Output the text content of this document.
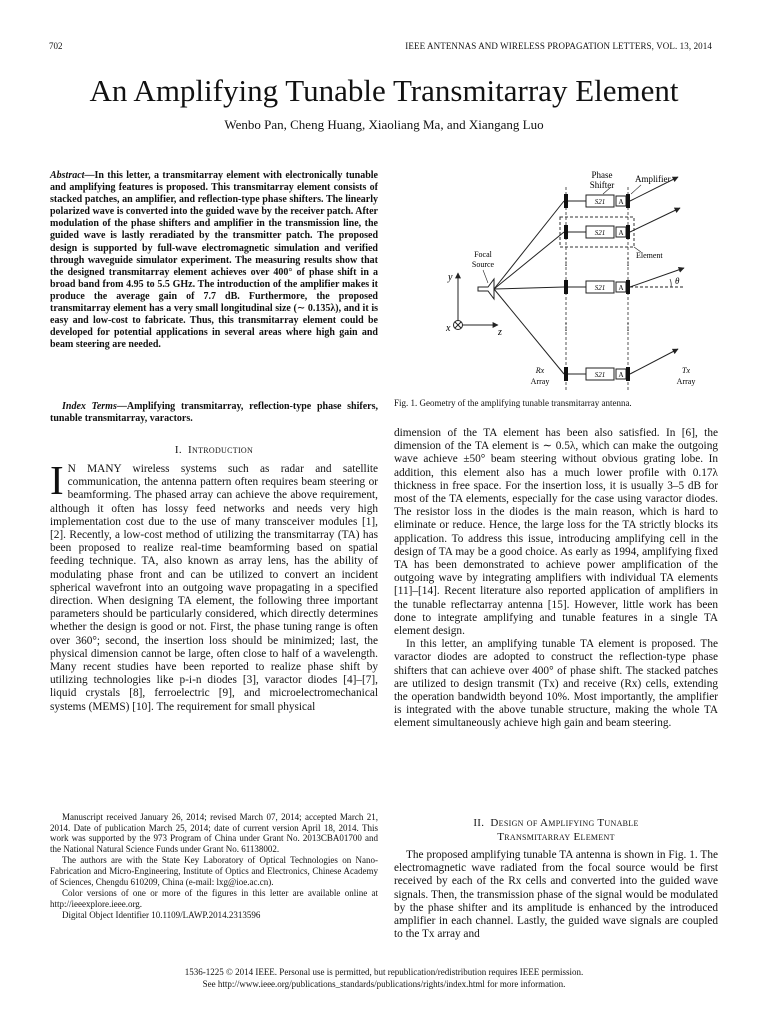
702	IEEE ANTENNAS AND WIRELESS PROPAGATION LETTERS, VOL. 13, 2014
An Amplifying Tunable Transmitarray Element
Wenbo Pan, Cheng Huang, Xiaoliang Ma, and Xiangang Luo
Abstract—In this letter, a transmitarray element with electronically tunable and amplifying features is proposed. This transmitarray element consists of stacked patches, an amplifier, and reflection-type phase shifters. The linearly polarized wave is converted into the guided wave by the receiver patch. After modulation of the phase shifters and amplifier in the transmission line, the guided wave is lastly reradiated by the transmitter patch. The proposed design is supported by full-wave electromagnetic simulation and verified through waveguide simulator experiment. The measuring results show that the designed transmitarray element achieves over 400° of phase shift in a broad band from 4.95 to 5.5 GHz. The introduction of the amplifier makes it produce the average gain of 7.7 dB. Furthermore, the proposed transmitarray element has a very small longitudinal size (∼ 0.135λ), and it is easy and low-cost to fabricate. Thus, this transmitarray element could be developed for potential applications in several areas where high gain and beam steering are needed.
Index Terms—Amplifying transmitarray, reflection-type phase shifers, tunable transmitarray, varactors.
I. Introduction

I N MANY wireless systems such as radar and satellite communication, the antenna pattern often requires beam steering or beamforming. The phased array can achieve the above requirement, although it often has lossy feed networks and needs very high implementation cost due to the use of many transceiver modules [1], [2]. Recently, a low-cost method of utilizing the transmitarray (TA) has been proposed to realize real-time beamforming based on spatial feeding technique. TA, also known as array lens, has the ability of modulating phase front and can be utilized to convert an incident spherical wavefront into an outgoing wave propagating in a specified direction. When designing TA element, the following three important parameters should be particularly considered, which directly determines whether the design is good or not. First, the phase tuning range is often over 360°; second, the insertion loss should be minimized; last, the physical dimension cannot be large, often close to half of a wavelength. Many recent studies have been reported to realize phase shift by utilizing technologies like p-i-n diodes [3], varactor diodes [4]–[7], liquid crystals [8], ferroelectric [9], and microelectromechanical systems (MEMS) [10]. The requirement for small physical

Manuscript received January 26, 2014; revised March 07, 2014; accepted March 21, 2014. Date of publication March 25, 2014; date of current version April 18, 2014. This work was supported by the 973 Program of China under Grant No. 2013CBA01700 and the National Natural Science Funds under Grant No. 61138002.

The authors are with the State Key Laboratory of Optical Technologies on Nano-Fabrication and Micro-Engineering, Institute of Optics and Electronics, Chinese Academy of Sciences, Chengdu 610209, China (e-mail: lxg@ioe.ac.cn).

Color versions of one or more of the figures in this letter are available online at http://ieeexplore.ieee.org.

Digital Object Identifier 10.1109/LAWP.2014.2313596

Phase
Shifter
Amplifier
S21 A
S21 A
Element
⋮	⋮
S21 A
θ
⋮	⋮
S21 A
Focal
Source
y
x	z
Rx
Array
Tx
Array
Fig. 1. Geometry of the amplifying tunable transmitarray antenna.

dimension of the TA element has been also satisfied. In [6], the dimension of the TA element is ∼ 0.5λ, which can make the outgoing wave achieve ±50° beam steering without obvious grating lobe. In addition, this element also has a much lower profile with 0.17λ thickness in free space. For the insertion loss, it is usually 3–5 dB for most of the TA elements, especially for the case using varactor diodes. The resistor loss in the diodes is the main reason, which is hard to eliminate or reduce. Hence, the large loss for the TA strictly blocks its application. To address this issue, introducing amplifying cell in the design of TA may be a good choice. As early as 1994, amplifying fixed TA has been demonstrated to achieve power amplification of the outgoing wave by integrating amplifiers with individual TA elements [11]–[14]. Recent literature also reported application of amplifiers in the tunable reflectarray antenna [15]. However, little work has been done to integrate amplifying and tunable features in a single TA element design.

In this letter, an amplifying tunable TA element is proposed. The varactor diodes are adopted to construct the reflection-type phase shifters that can achieve over 400° of phase shift. The stacked patches are utilized to design transmit (Tx) and receive (Rx) cells, extending the operation bandwidth beyond 10%. Most importantly, the amplifier is integrated with the above tunable structure, making the whole TA element simultaneously achieve high gain and beam steering.

II. Design of Amplifying Tunable
Transmitarray Element

The proposed amplifying tunable TA antenna is shown in Fig. 1. The electromagnetic wave radiated from the focal source would be first received by each of the Rx cells and converted into the guided wave signals. Then, the transmission phase of the signal would be modulated by the phase shifter and its amplitude is enhanced by the introduced amplifier in each channel. Lastly, the guided wave signals are coupled to the Tx array and

1536-1225 © 2014 IEEE. Personal use is permitted, but republication/redistribution requires IEEE permission.
See http://www.ieee.org/publications_standards/publications/rights/index.html for more information.
